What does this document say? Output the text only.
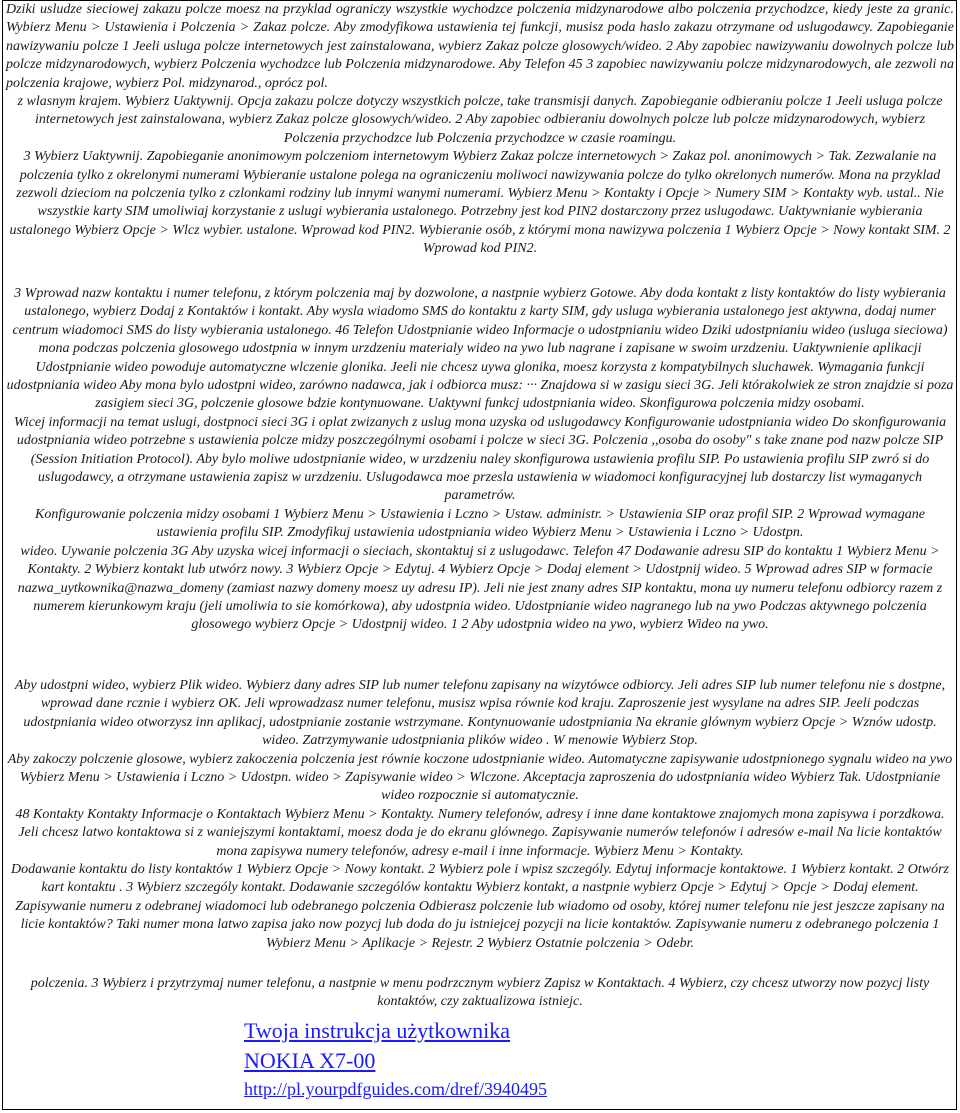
Dziki usludze sieciowej zakazu polcze moesz na przyklad ograniczy wszystkie wychodzce polczenia midzynarodowe albo polczenia przychodzce, kiedy jeste za granic. Wybierz Menu > Ustawienia i Polczenia > Zakaz polcze. Aby zmodyfikowa ustawienia tej funkcji, musisz poda haslo zakazu otrzymane od uslugodawcy. Zapobieganie nawizywaniu polcze 1 Jeeli usluga polcze internetowych jest zainstalowana, wybierz Zakaz polcze glosowych/wideo. 2 Aby zapobiec nawizywaniu dowolnych polcze lub polcze midzynarodowych, wybierz Polczenia wychodzce lub Polczenia midzynarodowe. Aby Telefon 45 3 zapobiec nawizywaniu polcze midzynarodowych, ale zezwoli na polczenia krajowe, wybierz Pol. midzynarod., oprócz pol.

z wlasnym krajem. Wybierz Uaktywnij. Opcja zakazu polcze dotyczy wszystkich polcze, take transmisji danych. Zapobieganie odbieraniu polcze 1 Jeeli usluga polcze internetowych jest zainstalowana, wybierz Zakaz polcze glosowych/wideo. 2 Aby zapobiec odbieraniu dowolnych polcze lub polcze midzynarodowych, wybierz Polczenia przychodzce lub Polczenia przychodzce w czasie roamingu.

3 Wybierz Uaktywnij. Zapobieganie anonimowym polczeniom internetowym Wybierz Zakaz polcze internetowych > Zakaz pol. anonimowych > Tak. Zezwalanie na polczenia tylko z okrelonymi numerami Wybieranie ustalone polega na ograniczeniu moliwoci nawizywania polcze do tylko okrelonych numerów. Mona na przyklad zezwoli dzieciom na polczenia tylko z czlonkami rodziny lub innymi wanymi numerami. Wybierz Menu > Kontakty i Opcje > Numery SIM > Kontakty wyb. ustal.. Nie wszystkie karty SIM umoliwiaj korzystanie z uslugi wybierania ustalonego. Potrzebny jest kod PIN2 dostarczony przez uslugodawc. Uaktywnianie wybierania ustalonego Wybierz Opcje > Wlcz wybier. ustalone. Wprowad kod PIN2. Wybieranie osób, z którymi mona nawizywa polczenia 1 Wybierz Opcje > Nowy kontakt SIM. 2 Wprowad kod PIN2.

3 Wprowad nazw kontaktu i numer telefonu, z którym polczenia maj by dozwolone, a nastpnie wybierz Gotowe. Aby doda kontakt z listy kontaktów do listy wybierania ustalonego, wybierz Dodaj z Kontaktów i kontakt. Aby wysla wiadomo SMS do kontaktu z karty SIM, gdy usluga wybierania ustalonego jest aktywna, dodaj numer centrum wiadomoci SMS do listy wybierania ustalonego. 46 Telefon Udostpnianie wideo Informacje o udostpnianiu wideo Dziki udostpnianiu wideo (usluga sieciowa) mona podczas polczenia glosowego udostpnia w innym urzdzeniu materialy wideo na ywo lub nagrane i zapisane w swoim urzdzeniu. Uaktywnienie aplikacji Udostpnianie wideo powoduje automatyczne wlczenie glonika. Jeeli nie chcesz uywa glonika, moesz korzysta z kompatybilnych sluchawek. Wymagania funkcji udostpniania wideo Aby mona bylo udostpni wideo, zarówno nadawca, jak i odbiorca musz: ··· Znajdowa si w zasigu sieci 3G. Jeli którakolwiek ze stron znajdzie si poza zasigiem sieci 3G, polczenie glosowe bdzie kontynuowane. Uaktywni funkcj udostpniania wideo. Skonfigurowa polczenia midzy osobami.

Wicej informacji na temat uslugi, dostpnoci sieci 3G i oplat zwizanych z uslug mona uzyska od uslugodawcy Konfigurowanie udostpniania wideo Do skonfigurowania udostpniania wideo potrzebne s ustawienia polcze midzy poszczególnymi osobami i polcze w sieci 3G. Polczenia ,,osoba do osoby" s take znane pod nazw polcze SIP (Session Initiation Protocol). Aby bylo moliwe udostpnianie wideo, w urzdzeniu naley skonfigurowa ustawienia profilu SIP. Po ustawienia profilu SIP zwró si do uslugodawcy, a otrzymane ustawienia zapisz w urzdzeniu. Uslugodawca moe przesla ustawienia w wiadomoci konfiguracyjnej lub dostarczy list wymaganych parametrów.

Konfigurowanie polczenia midzy osobami 1 Wybierz Menu > Ustawienia i Lczno > Ustaw. administr. > Ustawienia SIP oraz profil SIP. 2 Wprowad wymagane ustawienia profilu SIP. Zmodyfikuj ustawienia udostpniania wideo Wybierz Menu > Ustawienia i Lczno > Udostpn.

wideo. Uywanie polczenia 3G Aby uzyska wicej informacji o sieciach, skontaktuj si z uslugodawc. Telefon 47 Dodawanie adresu SIP do kontaktu 1 Wybierz Menu > Kontakty. 2 Wybierz kontakt lub utwórz nowy. 3 Wybierz Opcje > Edytuj. 4 Wybierz Opcje > Dodaj element > Udostpnij wideo. 5 Wprowad adres SIP w formacie nazwa_uytkownika@nazwa_domeny (zamiast nazwy domeny moesz uy adresu IP). Jeli nie jest znany adres SIP kontaktu, mona uy numeru telefonu odbiorcy razem z numerem kierunkowym kraju (jeli umoliwia to sie komórkowa), aby udostpnia wideo. Udostpnianie wideo nagranego lub na ywo Podczas aktywnego polczenia glosowego wybierz Opcje > Udostpnij wideo. 1 2 Aby udostpnia wideo na ywo, wybierz Wideo na ywo.

Aby udostpni wideo, wybierz Plik wideo. Wybierz dany adres SIP lub numer telefonu zapisany na wizytówce odbiorcy. Jeli adres SIP lub numer telefonu nie s dostpne, wprowad dane rcznie i wybierz OK. Jeli wprowadzasz numer telefonu, musisz wpisa równie kod kraju. Zaproszenie jest wysylane na adres SIP. Jeeli podczas udostpniania wideo otworzysz inn aplikacj, udostpnianie zostanie wstrzymane. Kontynuowanie udostpniania Na ekranie glównym wybierz Opcje > Wznów udostp. wideo. Zatrzymywanie udostpniania plików wideo . W menowie Wybierz Stop.

Aby zakoczy polczenie glosowe, wybierz zakoczenia polczenia jest równie koczone udostpnianie wideo. Automatyczne zapisywanie udostpnionego sygnalu wideo na ywo Wybierz Menu > Ustawienia i Lczno > Udostpn. wideo > Zapisywanie wideo > Wlczone. Akceptacja zaproszenia do udostpniania wideo Wybierz Tak. Udostpnianie wideo rozpocznie si automatycznie.

48 Kontakty Kontakty Informacje o Kontaktach Wybierz Menu > Kontakty. Numery telefonów, adresy i inne dane kontaktowe znajomych mona zapisywa i porzdkowa. Jeli chcesz latwo kontaktowa si z waniejszymi kontaktami, moesz doda je do ekranu glównego. Zapisywanie numerów telefonów i adresów e-mail Na licie kontaktów mona zapisywa numery telefonów, adresy e-mail i inne informacje. Wybierz Menu > Kontakty.

Dodawanie kontaktu do listy kontaktów 1 Wybierz Opcje > Nowy kontakt. 2 Wybierz pole i wpisz szczególy. Edytuj informacje kontaktowe. 1 Wybierz kontakt. 2 Otwórz kart kontaktu . 3 Wybierz szczególy kontakt. Dodawanie szczególów kontaktu Wybierz kontakt, a nastpnie wybierz Opcje > Edytuj > Opcje > Dodaj element. Zapisywanie numeru z odebranej wiadomoci lub odebranego polczenia Odbierasz polczenie lub wiadomo od osoby, której numer telefonu nie jest jeszcze zapisany na licie kontaktów? Taki numer mona latwo zapisa jako now pozycj lub doda do ju istniejcej pozycji na licie kontaktów. Zapisywanie numeru z odebranego polczenia 1 Wybierz Menu > Aplikacje > Rejestr. 2 Wybierz Ostatnie polczenia > Odebr.

polczenia. 3 Wybierz i przytrzymaj numer telefonu, a nastpnie w menu podrzcznym wybierz Zapisz w Kontaktach. 4 Wybierz, czy chcesz utworzy now pozycj listy kontaktów, czy zaktualizowa istniejc.

Twoja instrukcja użytkownika
NOKIA X7-00
http://pl.yourpdfguides.com/dref/3940495
